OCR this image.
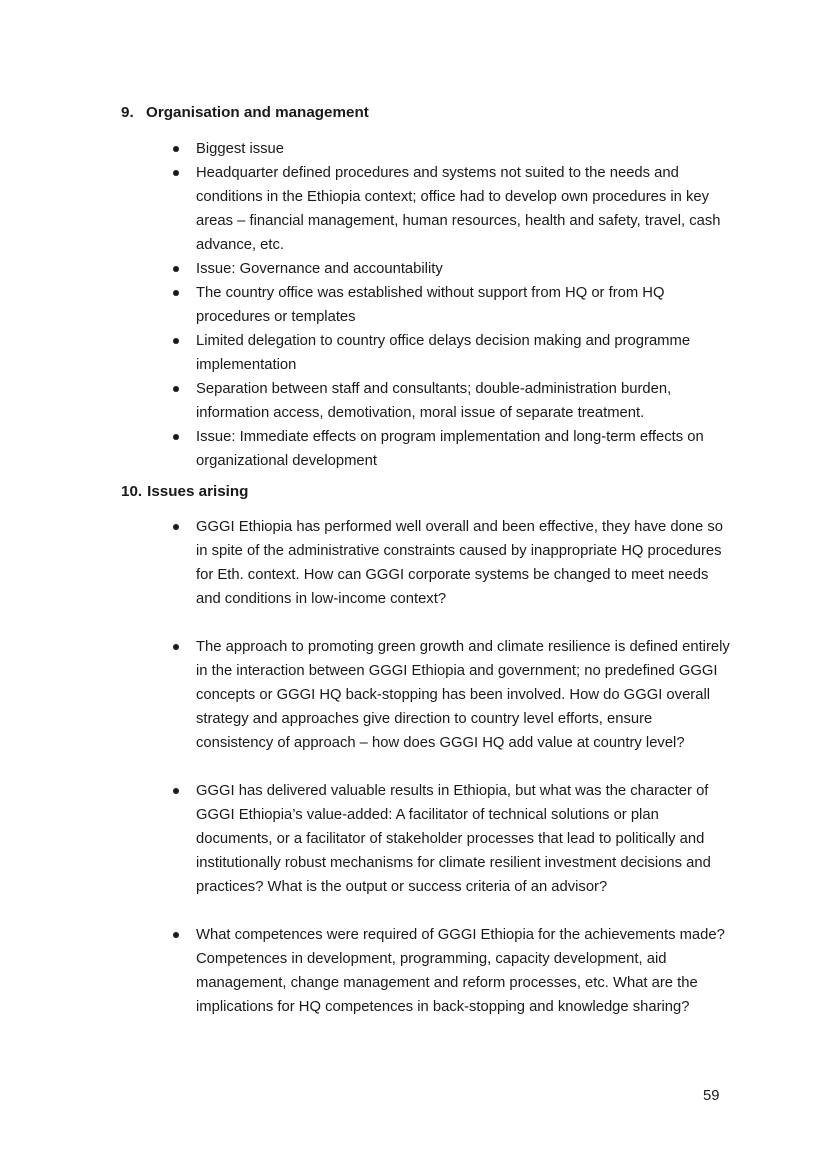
9. Organisation and management
Biggest issue
Headquarter defined procedures and systems not suited to the needs and conditions in the Ethiopia context; office had to develop own procedures in key areas – financial management, human resources, health and safety, travel, cash advance, etc.
Issue: Governance and accountability
The country office was established without support from HQ or from HQ procedures or templates
Limited delegation to country office delays decision making and programme implementation
Separation between staff and consultants; double-administration burden, information access, demotivation, moral issue of separate treatment.
Issue: Immediate effects on program implementation and long-term effects on organizational development
10. Issues arising
GGGI Ethiopia has performed well overall and been effective, they have done so in spite of the administrative constraints caused by inappropriate HQ procedures for Eth. context. How can GGGI corporate systems be changed to meet needs and conditions in low-income context?
The approach to promoting green growth and climate resilience is defined entirely in the interaction between GGGI Ethiopia and government; no predefined GGGI concepts or GGGI HQ back-stopping has been involved. How do GGGI overall strategy and approaches give direction to country level efforts, ensure consistency of approach – how does GGGI HQ add value at country level?
GGGI has delivered valuable results in Ethiopia, but what was the character of GGGI Ethiopia’s value-added: A facilitator of technical solutions or plan documents, or a facilitator of stakeholder processes that lead to politically and institutionally robust mechanisms for climate resilient investment decisions and practices? What is the output or success criteria of an advisor?
What competences were required of GGGI Ethiopia for the achievements made? Competences in development, programming, capacity development, aid management, change management and reform processes, etc. What are the implications for HQ competences in back-stopping and knowledge sharing?
59
